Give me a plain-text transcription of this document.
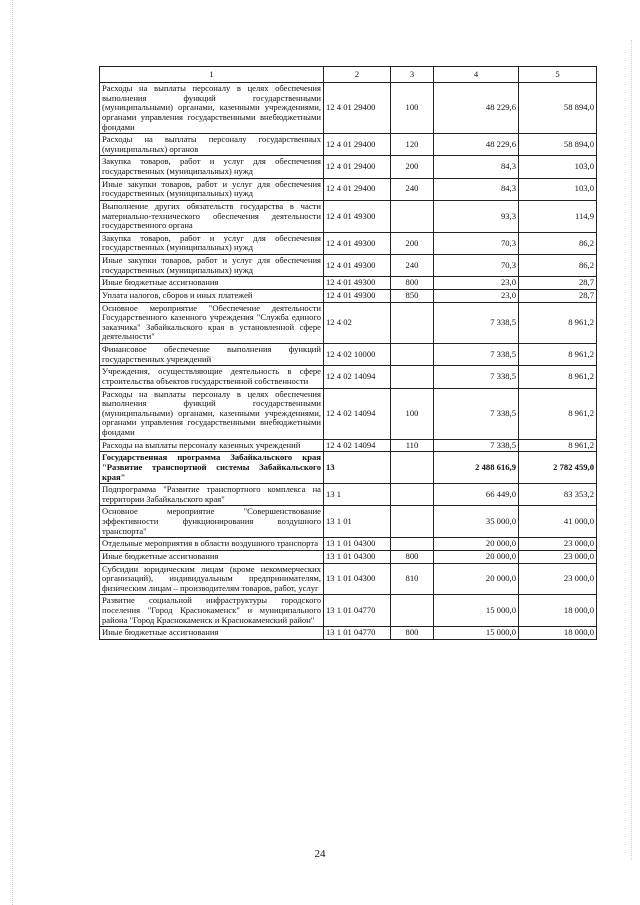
1	2	3	4	5
Расходы на выплаты персоналу в целях обеспечения выполнения функций государственными (муниципальными) органами, казенными учреждениями, органами управления государственными внебюджетными фондами	12 4 01 29400	100	48 229,6	58 894,0
Расходы на выплаты персоналу государственных (муниципальных) органов	12 4 01 29400	120	48 229,6	58 894,0
Закупка товаров, работ и услуг для обеспечения государственных (муниципальных) нужд	12 4 01 29400	200	84,3	103,0
Иные закупки товаров, работ и услуг для обеспечения государственных (муниципальных) нужд	12 4 01 29400	240	84,3	103,0
Выполнение других обязательств государства в части материально-технического обеспечения деятельности государственного органа	12 4 01 49300		93,3	114,9
Закупка товаров, работ и услуг для обеспечения государственных (муниципальных) нужд	12 4 01 49300	200	70,3	86,2
Иные закупки товаров, работ и услуг для обеспечения государственных (муниципальных) нужд	12 4 01 49300	240	70,3	86,2
Иные бюджетные ассигнования	12 4 01 49300	800	23,0	28,7
Уплата налогов, сборов и иных платежей	12 4 01 49300	850	23,0	28,7
Основное мероприятие "Обеспечение деятельности Государственного казенного учреждения "Служба единого заказчика" Забайкальского края в установленной сфере деятельности"	12 4 02		7 338,5	8 961,2
Финансовое обеспечение выполнения функций государственных учреждений	12 4 02 10000		7 338,5	8 961,2
Учреждения, осуществляющие деятельность в сфере строительства объектов государственной собственности	12 4 02 14094		7 338,5	8 961,2
Расходы на выплаты персоналу в целях обеспечения выполнения функций государственными (муниципальными) органами, казенными учреждениями, органами управления государственными внебюджетными фондами	12 4 02 14094	100	7 338,5	8 961,2
Расходы на выплаты персоналу казенных учреждений	12 4 02 14094	110	7 338,5	8 961,2
Государственная программа Забайкальского края "Развитие транспортной системы Забайкальского края"	13		2 488 616,9	2 782 459,0
Подпрограмма "Развитие транспортного комплекса на территории Забайкальского края"	13 1		66 449,0	83 353,2
Основное мероприятие "Совершенствование эффективности функционирования воздушного транспорта"	13 1 01		35 000,0	41 000,0
Отдельные мероприятия в области воздушного транспорта	13 1 01 04300		20 000,0	23 000,0
Иные бюджетные ассигнования	13 1 01 04300	800	20 000,0	23 000,0
Субсидии юридическим лицам (кроме некоммерческих организаций), индивидуальным предпринимателям, физическим лицам – производителям товаров, работ, услуг	13 1 01 04300	810	20 000,0	23 000,0
Развитие социальной инфраструктуры городского поселения "Город Краснокаменск" и муниципального района "Город Краснокаменск и Краснокаменский район"	13 1 01 04770		15 000,0	18 000,0
Иные бюджетные ассигнования	13 1 01 04770	800	15 000,0	18 000,0
24
